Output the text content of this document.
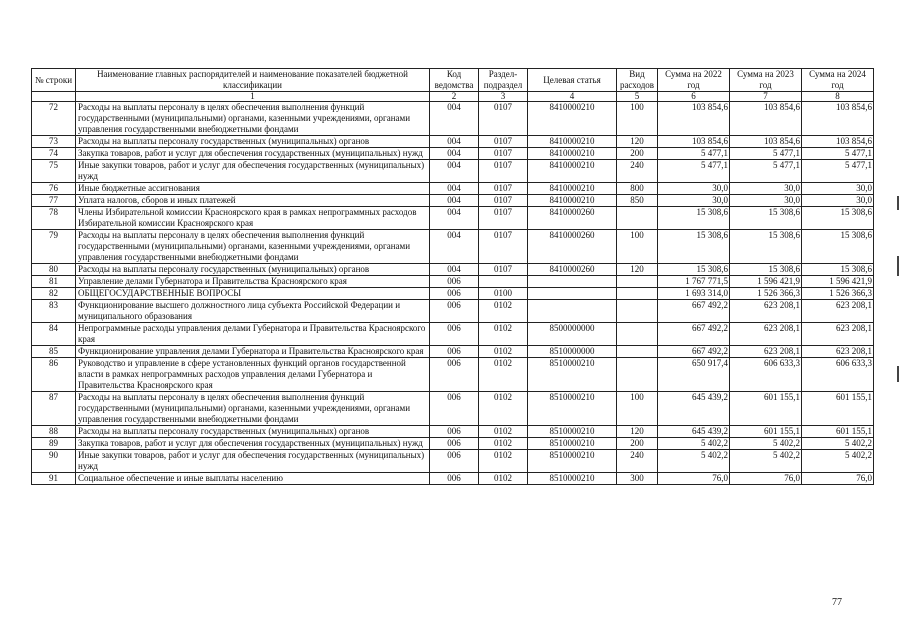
№ строки	Наименование главных распорядителей и наименование показателей бюджетной классификации	Код ведомства	Раздел-подраздел	Целевая статья	Вид расходов	Сумма на 2022 год	Сумма на 2023 год	Сумма на 2024 год
	1	2	3	4	5	6	7	8
72	Расходы на выплаты персоналу в целях обеспечения выполнения функций государственными (муниципальными) органами, казенными учреждениями, органами управления государственными внебюджетными фондами	004	0107	8410000210	100	103 854,6	103 854,6	103 854,6
73	Расходы на выплаты персоналу государственных (муниципальных) органов	004	0107	8410000210	120	103 854,6	103 854,6	103 854,6
74	Закупка товаров, работ и услуг для обеспечения государственных (муниципальных) нужд	004	0107	8410000210	200	5 477,1	5 477,1	5 477,1
75	Иные закупки товаров, работ и услуг для обеспечения государственных (муниципальных) нужд	004	0107	8410000210	240	5 477,1	5 477,1	5 477,1
76	Иные бюджетные ассигнования	004	0107	8410000210	800	30,0	30,0	30,0
77	Уплата налогов, сборов и иных платежей	004	0107	8410000210	850	30,0	30,0	30,0
78	Члены Избирательной комиссии Красноярского края в рамках непрограммных расходов Избирательной комиссии Красноярского края	004	0107	8410000260		15 308,6	15 308,6	15 308,6
79	Расходы на выплаты персоналу в целях обеспечения выполнения функций государственными (муниципальными) органами, казенными учреждениями, органами управления государственными внебюджетными фондами	004	0107	8410000260	100	15 308,6	15 308,6	15 308,6
80	Расходы на выплаты персоналу государственных (муниципальных) органов	004	0107	8410000260	120	15 308,6	15 308,6	15 308,6
81	Управление делами Губернатора и Правительства Красноярского края	006				1 767 771,5	1 596 421,9	1 596 421,9
82	ОБЩЕГОСУДАРСТВЕННЫЕ ВОПРОСЫ	006	0100			1 693 314,0	1 526 366,3	1 526 366,3
83	Функционирование высшего должностного лица субъекта Российской Федерации и муниципального образования	006	0102			667 492,2	623 208,1	623 208,1
84	Непрограммные расходы управления делами Губернатора и Правительства Красноярского края	006	0102	8500000000		667 492,2	623 208,1	623 208,1
85	Функционирование управления делами Губернатора и Правительства Красноярского края	006	0102	8510000000		667 492,2	623 208,1	623 208,1
86	Руководство и управление в сфере установленных функций органов государственной власти в рамках непрограммных расходов управления делами Губернатора и Правительства Красноярского края	006	0102	8510000210		650 917,4	606 633,3	606 633,3
87	Расходы на выплаты персоналу в целях обеспечения выполнения функций государственными (муниципальными) органами, казенными учреждениями, органами управления государственными внебюджетными фондами	006	0102	8510000210	100	645 439,2	601 155,1	601 155,1
88	Расходы на выплаты персоналу государственных (муниципальных) органов	006	0102	8510000210	120	645 439,2	601 155,1	601 155,1
89	Закупка товаров, работ и услуг для обеспечения государственных (муниципальных) нужд	006	0102	8510000210	200	5 402,2	5 402,2	5 402,2
90	Иные закупки товаров, работ и услуг для обеспечения государственных (муниципальных) нужд	006	0102	8510000210	240	5 402,2	5 402,2	5 402,2
91	Социальное обеспечение и иные выплаты населению	006	0102	8510000210	300	76,0	76,0	76,0
77
